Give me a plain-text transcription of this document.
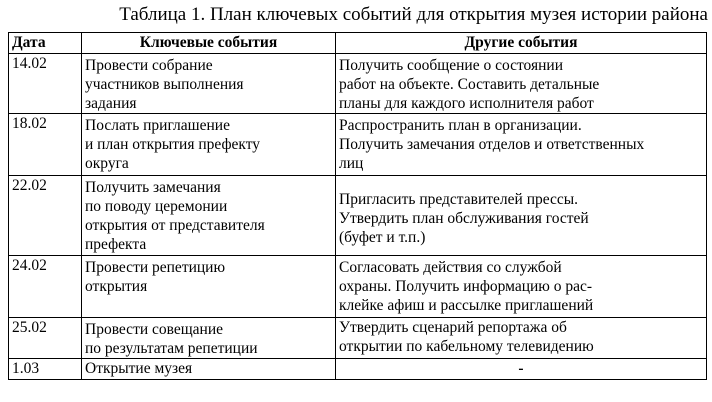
Таблица 1. План ключевых событий для открытия музея истории района
Дата	Ключевые события	Другие события

14.02	Провести собрание
участников выполнения
задания	Получить сообщение о состоянии
работ на объекте. Составить детальные
планы для каждого исполнителя работ

18.02	Послать приглашение
и план открытия префекту
округа	Распространить план в организации.
Получить замечания отделов и ответственных
лиц

22.02	Получить замечания
по поводу церемонии
открытия от представителя
префекта	Пригласить представителей прессы.
Утвердить план обслуживания гостей
(буфет и т.п.)

24.02	Провести репетицию
открытия	Согласовать действия со службой
охраны. Получить информацию о рас-
клейке афиш и рассылке приглашений

25.02	Провести совещание
по результатам репетиции	Утвердить сценарий репортажа об
открытии по кабельному телевидению

1.03	Открытие музея	-
